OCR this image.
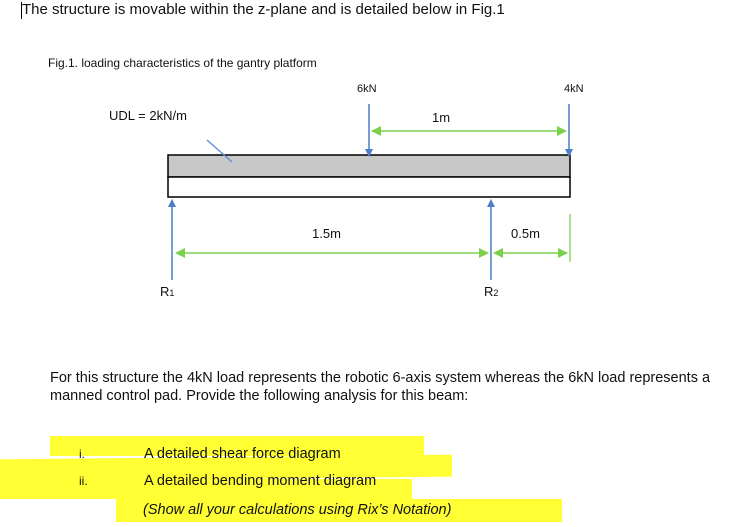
The structure is movable within the z-plane and is detailed below in Fig.1
Fig.1. loading characteristics of the gantry platform
UDL = 2kN/m
6kN	4kN
1m
1.5m	0.5m
R1	R2
For this structure the 4kN load represents the robotic 6-axis system whereas the 6kN load represents a manned control pad. Provide the following analysis for this beam:
i.	A detailed shear force diagram
ii.	A detailed bending moment diagram
(Show all your calculations using Rix’s Notation)
